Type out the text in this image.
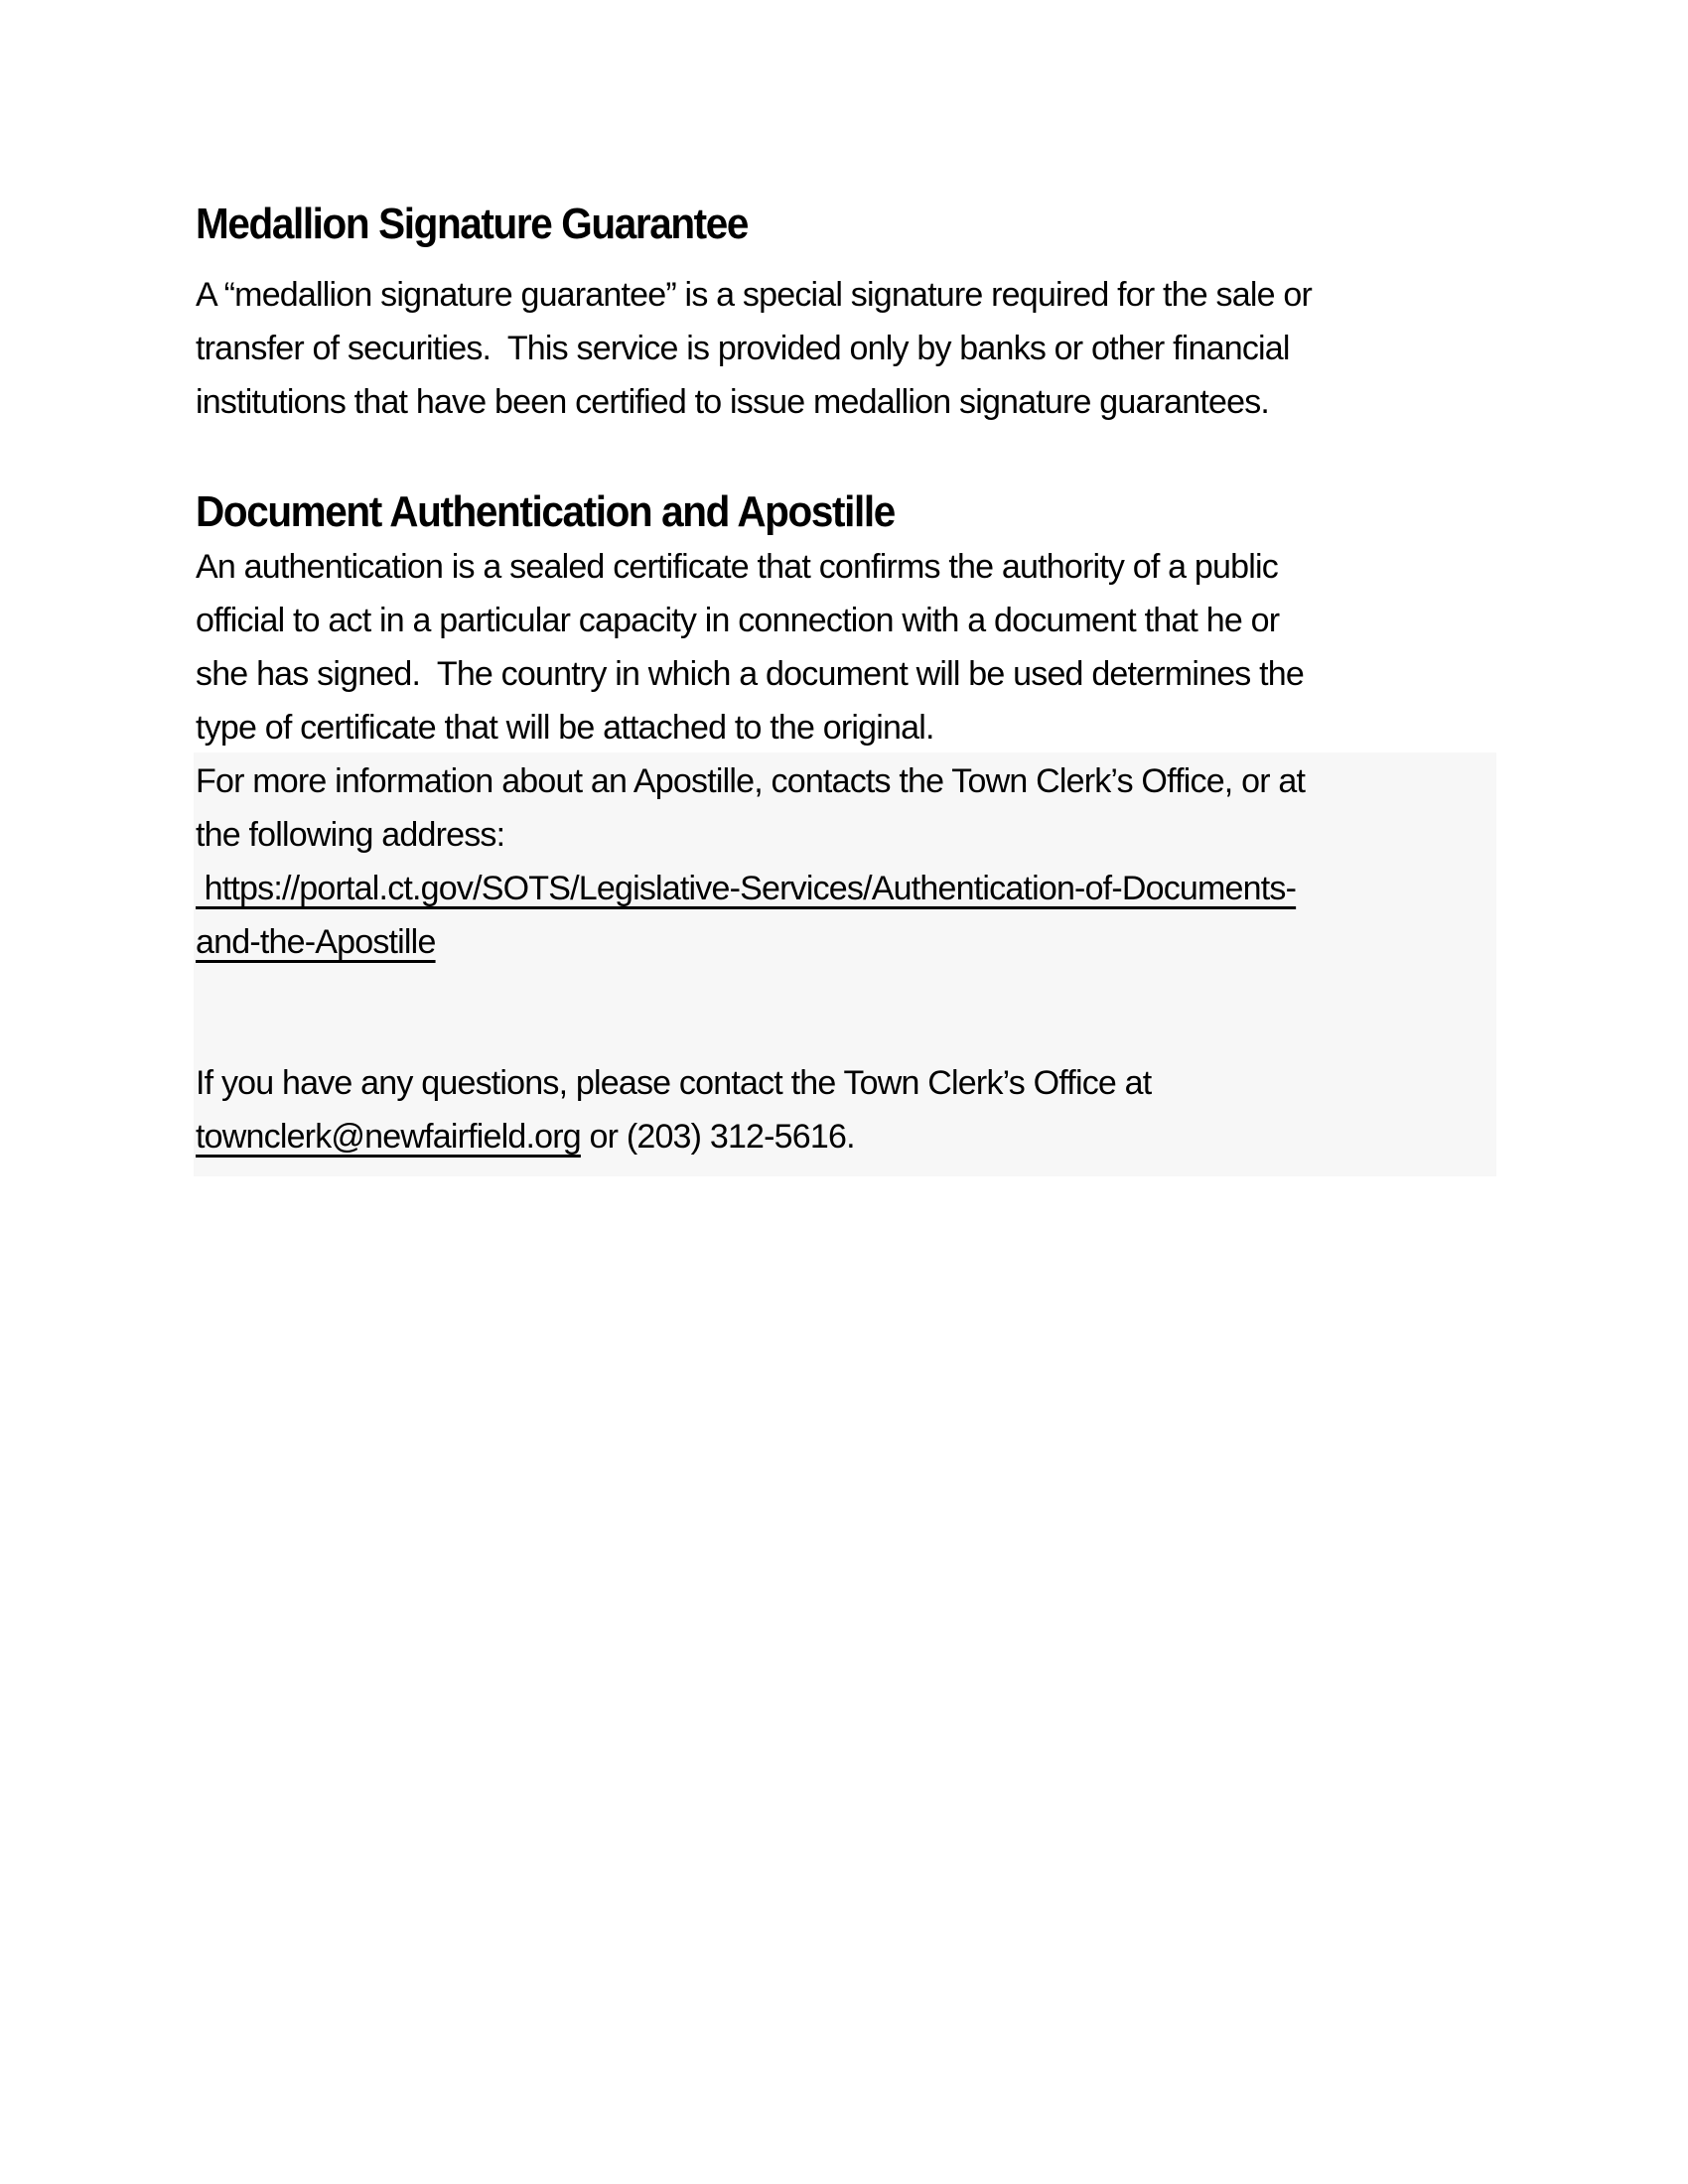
Medallion Signature Guarantee
A “medallion signature guarantee” is a special signature required for the sale or
transfer of securities.  This service is provided only by banks or other financial
institutions that have been certified to issue medallion signature guarantees.
Document Authentication and Apostille
An authentication is a sealed certificate that confirms the authority of a public
official to act in a particular capacity in connection with a document that he or
she has signed.  The country in which a document will be used determines the
type of certificate that will be attached to the original.
For more information about an Apostille, contacts the Town Clerk’s Office, or at
the following address:
https://portal.ct.gov/SOTS/Legislative-Services/Authentication-of-Documents-
and-the-Apostille
If you have any questions, please contact the Town Clerk’s Office at
townclerk@newfairfield.org or (203) 312-5616.
